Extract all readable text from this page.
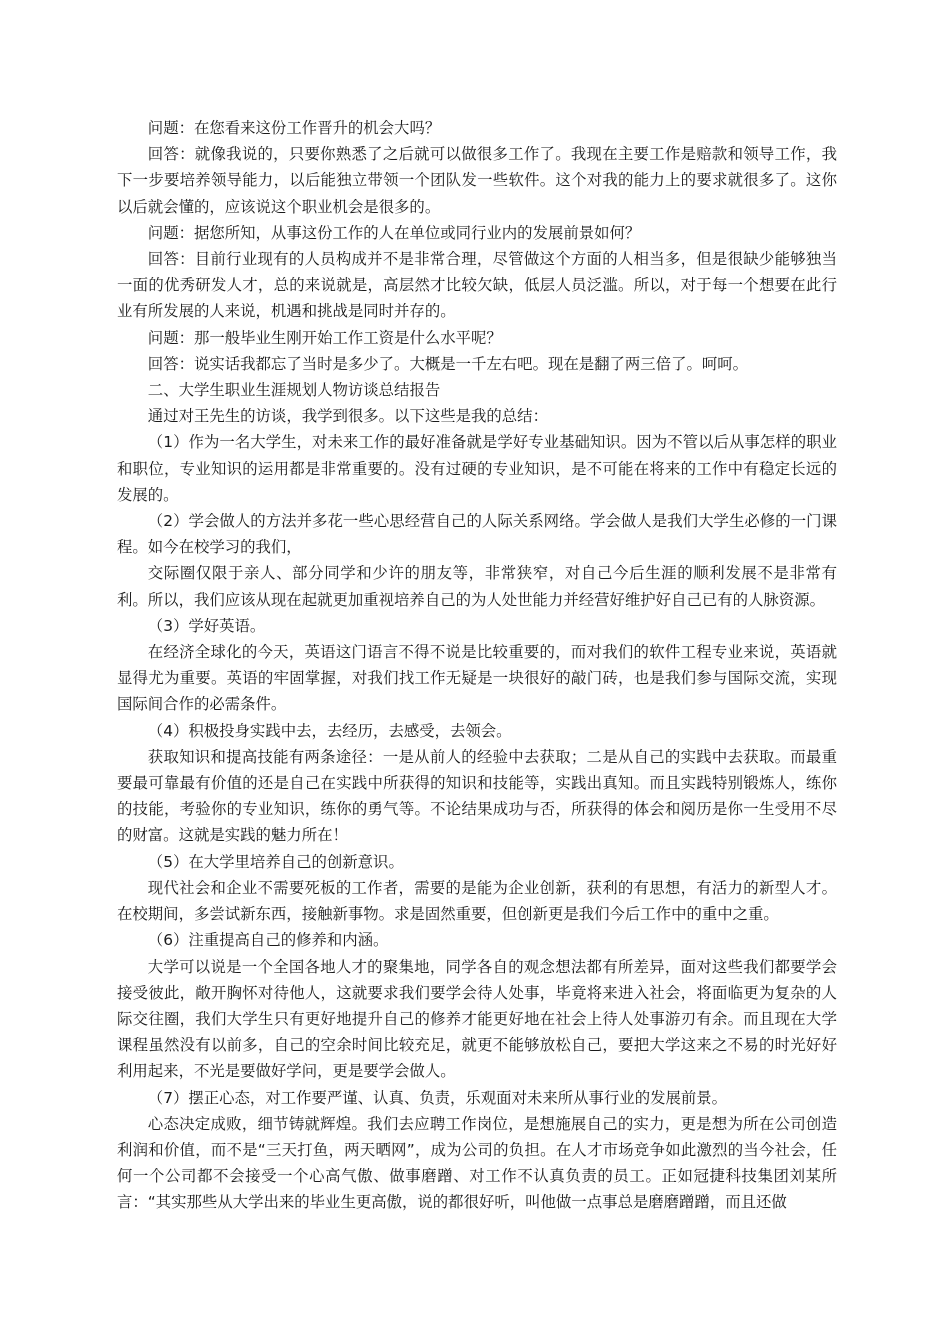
问题：在您看来这份工作晋升的机会大吗？

回答：就像我说的，只要你熟悉了之后就可以做很多工作了。我现在主要工作是赔款和领导工作，我下一步要培养领导能力，以后能独立带领一个团队发一些软件。这个对我的能力上的要求就很多了。这你以后就会懂的，应该说这个职业机会是很多的。

问题：据您所知，从事这份工作的人在单位或同行业内的发展前景如何？

回答：目前行业现有的人员构成并不是非常合理，尽管做这个方面的人相当多，但是很缺少能够独当一面的优秀研发人才，总的来说就是，高层然才比较欠缺，低层人员泛滥。所以，对于每一个想要在此行业有所发展的人来说，机遇和挑战是同时并存的。

问题：那一般毕业生刚开始工作工资是什么水平呢？

回答：说实话我都忘了当时是多少了。大概是一千左右吧。现在是翻了两三倍了。呵呵。

二、大学生职业生涯规划人物访谈总结报告

通过对王先生的访谈，我学到很多。以下这些是我的总结：

（1）作为一名大学生，对未来工作的最好准备就是学好专业基础知识。因为不管以后从事怎样的职业和职位，专业知识的运用都是非常重要的。没有过硬的专业知识，是不可能在将来的工作中有稳定长远的发展的。

（2）学会做人的方法并多花一些心思经营自己的人际关系网络。学会做人是我们大学生必修的一门课程。如今在校学习的我们，

交际圈仅限于亲人、部分同学和少许的朋友等，非常狭窄，对自己今后生涯的顺利发展不是非常有利。所以，我们应该从现在起就更加重视培养自己的为人处世能力并经营好维护好自己已有的人脉资源。

（3）学好英语。

在经济全球化的今天，英语这门语言不得不说是比较重要的，而对我们的软件工程专业来说，英语就显得尤为重要。英语的牢固掌握，对我们找工作无疑是一块很好的敲门砖，也是我们参与国际交流，实现国际间合作的必需条件。

（4）积极投身实践中去，去经历，去感受，去领会。

获取知识和提高技能有两条途径：一是从前人的经验中去获取；二是从自己的实践中去获取。而最重要最可靠最有价值的还是自己在实践中所获得的知识和技能等，实践出真知。而且实践特别锻炼人，练你的技能，考验你的专业知识，练你的勇气等。不论结果成功与否，所获得的体会和阅历是你一生受用不尽的财富。这就是实践的魅力所在！

（5）在大学里培养自己的创新意识。

现代社会和企业不需要死板的工作者，需要的是能为企业创新，获利的有思想，有活力的新型人才。在校期间，多尝试新东西，接触新事物。求是固然重要，但创新更是我们今后工作中的重中之重。

（6）注重提高自己的修养和内涵。

大学可以说是一个全国各地人才的聚集地，同学各自的观念想法都有所差异，面对这些我们都要学会接受彼此，敞开胸怀对待他人，这就要求我们要学会待人处事，毕竟将来进入社会，将面临更为复杂的人际交往圈，我们大学生只有更好地提升自己的修养才能更好地在社会上待人处事游刃有余。而且现在大学课程虽然没有以前多，自己的空余时间比较充足，就更不能够放松自己，要把大学这来之不易的时光好好利用起来，不光是要做好学问，更是要学会做人。

（7）摆正心态，对工作要严谨、认真、负责，乐观面对未来所从事行业的发展前景。

心态决定成败，细节铸就辉煌。我们去应聘工作岗位，是想施展自己的实力，更是想为所在公司创造利润和价值，而不是“三天打鱼，两天晒网”，成为公司的负担。在人才市场竞争如此激烈的当今社会，任何一个公司都不会接受一个心高气傲、做事磨蹭、对工作不认真负责的员工。正如冠捷科技集团刘某所言：“其实那些从大学出来的毕业生更高傲，说的都很好听，叫他做一点事总是磨磨蹭蹭，而且还做
